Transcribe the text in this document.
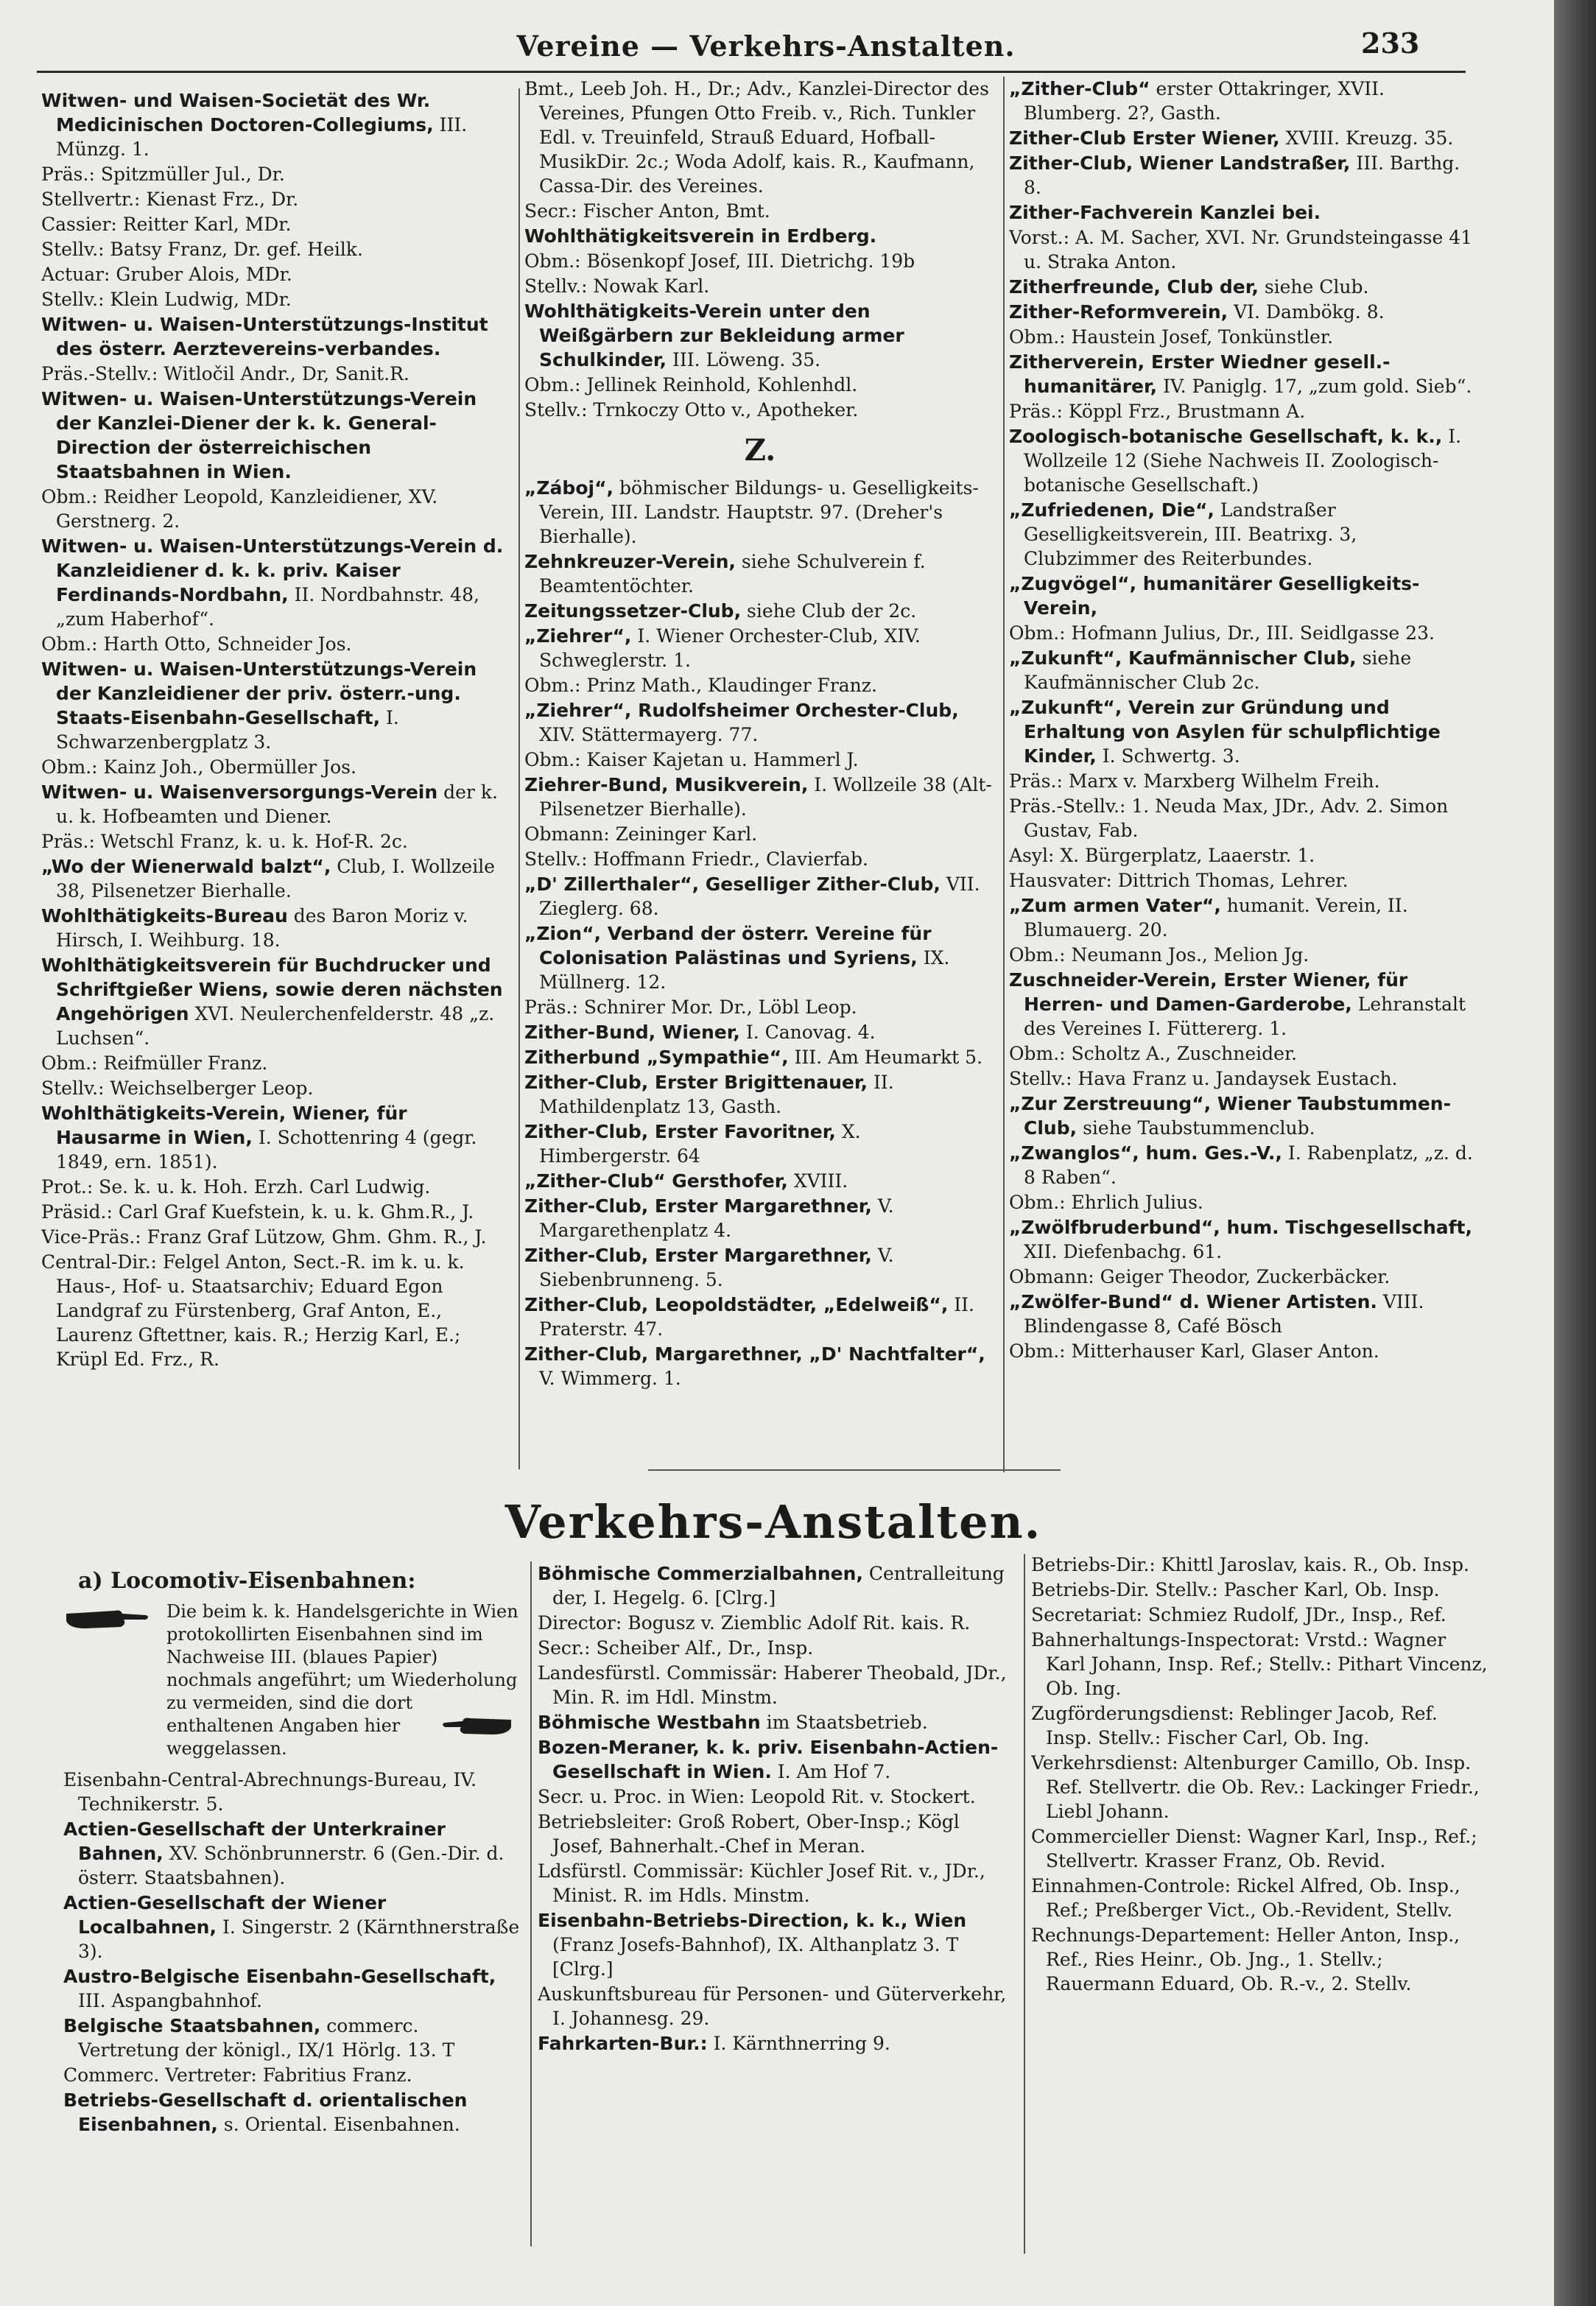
Vereine — Verkehrs-Anstalten.	233

Witwen- und Waisen-Societät des Wr. Medicinischen Doctoren-Collegiums, III. Münzg. 1.

Präs.: Spitzmüller Jul., Dr.

Stellvertr.: Kienast Frz., Dr.

Cassier: Reitter Karl, MDr.

Stellv.: Batsy Franz, Dr. gef. Heilk.

Actuar: Gruber Alois, MDr.

Stellv.: Klein Ludwig, MDr.

Witwen- u. Waisen-Unterstützungs-Institut des österr. Aerztevereins-verbandes.

Präs.-Stellv.: Witločil Andr., Dr, Sanit.R.

Witwen- u. Waisen-Unterstützungs-Verein der Kanzlei-Diener der k. k. General-Direction der österreichischen Staatsbahnen in Wien.

Obm.: Reidher Leopold, Kanzleidiener, XV. Gerstnerg. 2.

Witwen- u. Waisen-Unterstützungs-Verein d. Kanzleidiener d. k. k. priv. Kaiser Ferdinands-Nordbahn, II. Nordbahnstr. 48, „zum Haberhof“.

Obm.: Harth Otto, Schneider Jos.

Witwen- u. Waisen-Unterstützungs-Verein der Kanzleidiener der priv. österr.-ung. Staats-Eisenbahn-Gesellschaft, I. Schwarzenbergplatz 3.

Obm.: Kainz Joh., Obermüller Jos.

Witwen- u. Waisenversorgungs-Verein der k. u. k. Hofbeamten und Diener.

Präs.: Wetschl Franz, k. u. k. Hof-R. 2c.

„Wo der Wienerwald balzt“, Club, I. Wollzeile 38, Pilsenetzer Bierhalle.

Wohlthätigkeits-Bureau des Baron Moriz v. Hirsch, I. Weihburg. 18.

Wohlthätigkeitsverein für Buchdrucker und Schriftgießer Wiens, sowie deren nächsten Angehörigen XVI. Neulerchenfelderstr. 48 „z. Luchsen“.

Obm.: Reifmüller Franz.

Stellv.: Weichselberger Leop.

Wohlthätigkeits-Verein, Wiener, für Hausarme in Wien, I. Schottenring 4 (gegr. 1849, ern. 1851).

Prot.: Se. k. u. k. Hoh. Erzh. Carl Ludwig.

Präsid.: Carl Graf Kuefstein, k. u. k. Ghm.R., J.

Vice-Präs.: Franz Graf Lützow, Ghm. Ghm. R., J.

Central-Dir.: Felgel Anton, Sect.-R. im k. u. k. Haus-, Hof- u. Staatsarchiv; Eduard Egon Landgraf zu Fürstenberg, Graf Anton, E., Laurenz Gftettner, kais. R.; Herzig Karl, E.; Krüpl Ed. Frz., R.

Bmt., Leeb Joh. H., Dr.; Adv., Kanzlei-Director des Vereines, Pfungen Otto Freib. v., Rich. Tunkler Edl. v. Treuinfeld, Strauß Eduard, Hofball-MusikDir. 2c.; Woda Adolf, kais. R., Kaufmann, Cassa-Dir. des Vereines.

Secr.: Fischer Anton, Bmt.

Wohlthätigkeitsverein in Erdberg.

Obm.: Bösenkopf Josef, III. Dietrichg. 19b

Stellv.: Nowak Karl.

Wohlthätigkeits-Verein unter den Weißgärbern zur Bekleidung armer Schulkinder, III. Löweng. 35.

Obm.: Jellinek Reinhold, Kohlenhdl.

Stellv.: Trnkoczy Otto v., Apotheker.

Z.

„Záboj“, böhmischer Bildungs- u. Geselligkeits-Verein, III. Landstr. Hauptstr. 97. (Dreher's Bierhalle).

Zehnkreuzer-Verein, siehe Schulverein f. Beamtentöchter.

Zeitungssetzer-Club, siehe Club der 2c.

„Ziehrer“, I. Wiener Orchester-Club, XIV. Schweglerstr. 1.

Obm.: Prinz Math., Klaudinger Franz.

„Ziehrer“, Rudolfsheimer Orchester-Club, XIV. Stättermayerg. 77.

Obm.: Kaiser Kajetan u. Hammerl J.

Ziehrer-Bund, Musikverein, I. Wollzeile 38 (Alt-Pilsenetzer Bierhalle).

Obmann: Zeininger Karl.

Stellv.: Hoffmann Friedr., Clavierfab.

„D' Zillerthaler“, Geselliger Zither-Club, VII. Zieglerg. 68.

„Zion“, Verband der österr. Vereine für Colonisation Palästinas und Syriens, IX. Müllnerg. 12.

Präs.: Schnirer Mor. Dr., Löbl Leop.

Zither-Bund, Wiener, I. Canovag. 4.

Zitherbund „Sympathie“, III. Am Heumarkt 5.

Zither-Club, Erster Brigittenauer, II. Mathildenplatz 13, Gasth.

Zither-Club, Erster Favoritner, X. Himbergerstr. 64

„Zither-Club“ Gersthofer, XVIII.

Zither-Club, Erster Margarethner, V. Margarethenplatz 4.

Zither-Club, Erster Margarethner, V. Siebenbrunneng. 5.

Zither-Club, Leopoldstädter, „Edelweiß“, II. Praterstr. 47.

Zither-Club, Margarethner, „D' Nachtfalter“, V. Wimmerg. 1.

„Zither-Club“ erster Ottakringer, XVII. Blumberg. 2?, Gasth.

Zither-Club Erster Wiener, XVIII. Kreuzg. 35.

Zither-Club, Wiener Landstraßer, III. Barthg. 8.

Zither-Fachverein Kanzlei bei.

Vorst.: A. M. Sacher, XVI. Nr. Grundsteingasse 41 u. Straka Anton.

Zitherfreunde, Club der, siehe Club.

Zither-Reformverein, VI. Dambökg. 8.

Obm.: Haustein Josef, Tonkünstler.

Zitherverein, Erster Wiedner gesell.-humanitärer, IV. Paniglg. 17, „zum gold. Sieb“.

Präs.: Köppl Frz., Brustmann A.

Zoologisch-botanische Gesellschaft, k. k., I. Wollzeile 12 (Siehe Nachweis II. Zoologisch-botanische Gesellschaft.)

„Zufriedenen, Die“, Landstraßer Geselligkeitsverein, III. Beatrixg. 3, Clubzimmer des Reiterbundes.

„Zugvögel“, humanitärer Geselligkeits-Verein,

Obm.: Hofmann Julius, Dr., III. Seidlgasse 23.

„Zukunft“, Kaufmännischer Club, siehe Kaufmännischer Club 2c.

„Zukunft“, Verein zur Gründung und Erhaltung von Asylen für schulpflichtige Kinder, I. Schwertg. 3.

Präs.: Marx v. Marxberg Wilhelm Freih.

Präs.-Stellv.: 1. Neuda Max, JDr., Adv. 2. Simon Gustav, Fab.

Asyl: X. Bürgerplatz, Laaerstr. 1.

Hausvater: Dittrich Thomas, Lehrer.

„Zum armen Vater“, humanit. Verein, II. Blumauerg. 20.

Obm.: Neumann Jos., Melion Jg.

Zuschneider-Verein, Erster Wiener, für Herren- und Damen-Garderobe, Lehranstalt des Vereines I. Füttererg. 1.

Obm.: Scholtz A., Zuschneider.

Stellv.: Hava Franz u. Jandaysek Eustach.

„Zur Zerstreuung“, Wiener Taubstummen-Club, siehe Taubstummenclub.

„Zwanglos“, hum. Ges.-V., I. Rabenplatz, „z. d. 8 Raben“.

Obm.: Ehrlich Julius.

„Zwölfbruderbund“, hum. Tischgesellschaft, XII. Diefenbachg. 61.

Obmann: Geiger Theodor, Zuckerbäcker.

„Zwölfer-Bund“ d. Wiener Artisten. VIII. Blindengasse 8, Café Bösch

Obm.: Mitterhauser Karl, Glaser Anton.

Verkehrs-Anstalten.
a) Locomotiv-Eisenbahnen:
Die beim k. k. Handelsgerichte in Wien protokollirten Eisenbahnen sind im Nachweise III. (blaues Papier) nochmals angeführt; um Wiederholung zu vermeiden, sind die dort enthaltenen Angaben hier weggelassen.

Eisenbahn-Central-Abrechnungs-Bureau, IV. Technikerstr. 5.

Actien-Gesellschaft der Unterkrainer Bahnen, XV. Schönbrunnerstr. 6 (Gen.-Dir. d. österr. Staatsbahnen).

Actien-Gesellschaft der Wiener Localbahnen, I. Singerstr. 2 (Kärnthnerstraße 3).

Austro-Belgische Eisenbahn-Gesellschaft, III. Aspangbahnhof.

Belgische Staatsbahnen, commerc. Vertretung der königl., IX/1 Hörlg. 13. T

Commerc. Vertreter: Fabritius Franz.

Betriebs-Gesellschaft d. orientalischen Eisenbahnen, s. Oriental. Eisenbahnen.

Böhmische Commerzialbahnen, Centralleitung der, I. Hegelg. 6. [Clrg.]

Director: Bogusz v. Ziemblic Adolf Rit. kais. R.

Secr.: Scheiber Alf., Dr., Insp.

Landesfürstl. Commissär: Haberer Theobald, JDr., Min. R. im Hdl. Minstm.

Böhmische Westbahn im Staatsbetrieb.

Bozen-Meraner, k. k. priv. Eisenbahn-Actien-Gesellschaft in Wien. I. Am Hof 7.

Secr. u. Proc. in Wien: Leopold Rit. v. Stockert.

Betriebsleiter: Groß Robert, Ober-Insp.; Kögl Josef, Bahnerhalt.-Chef in Meran.

Ldsfürstl. Commissär: Küchler Josef Rit. v., JDr., Minist. R. im Hdls. Minstm.

Eisenbahn-Betriebs-Direction, k. k., Wien (Franz Josefs-Bahnhof), IX. Althanplatz 3. T [Clrg.]

Auskunftsbureau für Personen- und Güterverkehr, I. Johannesg. 29.

Fahrkarten-Bur.: I. Kärnthnerring 9.

Betriebs-Dir.: Khittl Jaroslav, kais. R., Ob. Insp.

Betriebs-Dir. Stellv.: Pascher Karl, Ob. Insp.

Secretariat: Schmiez Rudolf, JDr., Insp., Ref.

Bahnerhaltungs-Inspectorat: Vrstd.: Wagner Karl Johann, Insp. Ref.; Stellv.: Pithart Vincenz, Ob. Ing.

Zugförderungsdienst: Reblinger Jacob, Ref. Insp. Stellv.: Fischer Carl, Ob. Ing.

Verkehrsdienst: Altenburger Camillo, Ob. Insp. Ref. Stellvertr. die Ob. Rev.: Lackinger Friedr., Liebl Johann.

Commercieller Dienst: Wagner Karl, Insp., Ref.; Stellvertr. Krasser Franz, Ob. Revid.

Einnahmen-Controle: Rickel Alfred, Ob. Insp., Ref.; Preßberger Vict., Ob.-Revident, Stellv.

Rechnungs-Departement: Heller Anton, Insp., Ref., Ries Heinr., Ob. Jng., 1. Stellv.; Rauermann Eduard, Ob. R.-v., 2. Stellv.
